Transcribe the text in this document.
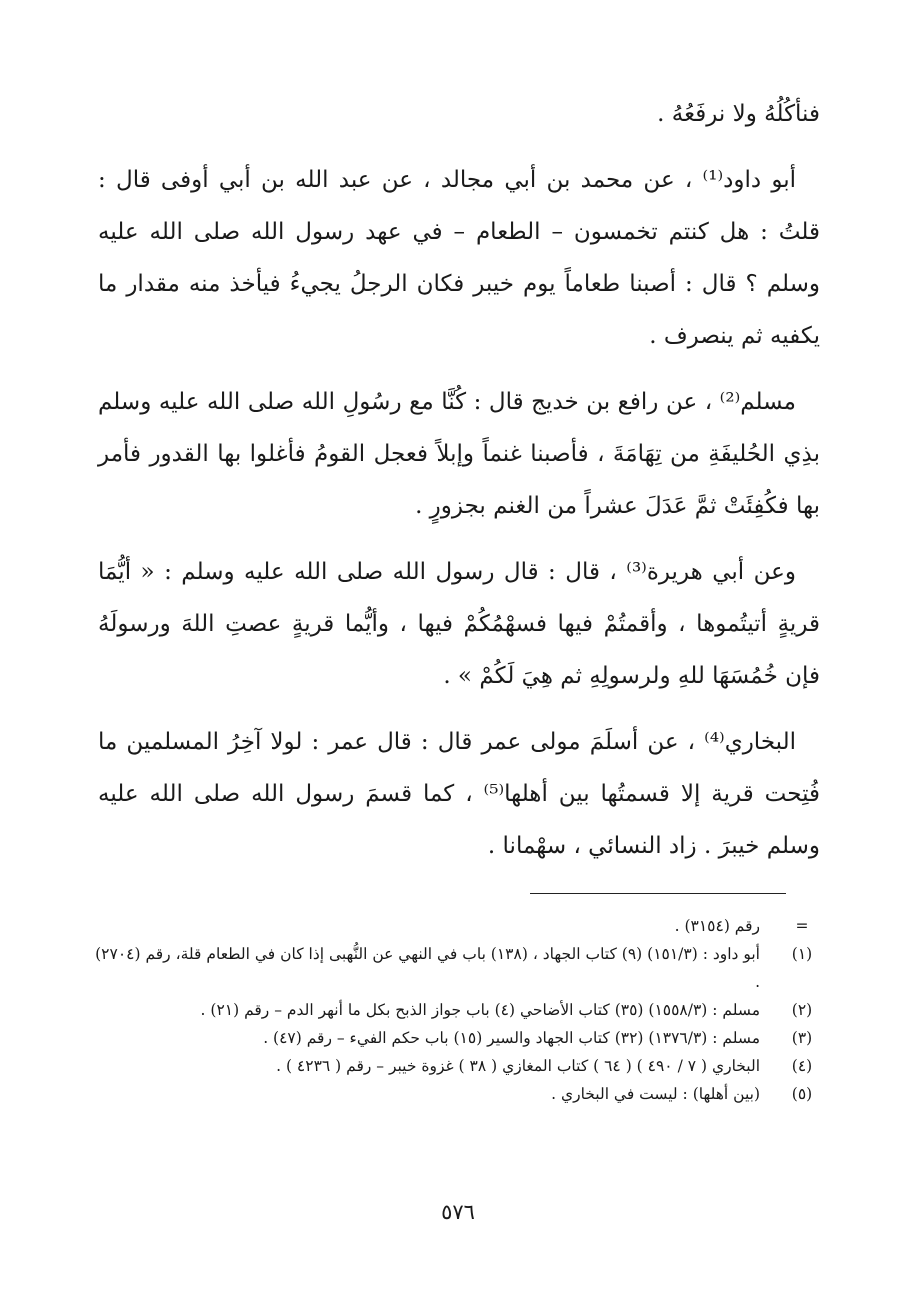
فنأكُلُهُ ولا نرفَعُهُ .

أبو داود⁽¹⁾ ، عن محمد بن أبي مجالد ، عن عبد الله بن أبي أوفى قال : قلتُ : هل كنتم تخمسون – الطعام – في عهد رسول الله صلى الله عليه وسلم ؟ قال : أصبنا طعاماً يوم خيبر فكان الرجلُ يجيءُ فيأخذ منه مقدار ما يكفيه ثم ينصرف .

مسلم⁽²⁾ ، عن رافع بن خديج قال : كُنَّا مع رسُولِ الله صلى الله عليه وسلم بذِي الحُليفَةِ من تِهَامَةَ ، فأصبنا غنماً وإبلاً فعجل القومُ فأغلوا بها القدور فأمر بها فكُفِئَتْ ثمَّ عَدَلَ عشراً من الغنم بجزورٍ .

وعن أبي هريرة⁽³⁾ ، قال : قال رسول الله صلى الله عليه وسلم : « أيُّمَا قريةٍ أتيتُموها ، وأقمتُمْ فيها فسهْمُكُمْ فيها ، وأيُّما قريةٍ عصتِ اللهَ ورسولَهُ فإن خُمُسَهَا للهِ ولرسولِهِ ثم هِيَ لَكُمْ » .

البخاري⁽⁴⁾ ، عن أسلَمَ مولى عمر قال : قال عمر : لولا آخِرُ المسلمين ما فُتِحت قرية إلا قسمتُها بين أهلها⁽⁵⁾ ، كما قسمَ رسول الله صلى الله عليه وسلم خيبرَ . زاد النسائي ، سهْمانا .

=
رقم (٣١٥٤) .

(١)
أبو داود : (١٥١/٣) (٩) كتاب الجهاد ، (١٣٨) باب في النهي عن النُّهبى إذا كان في الطعام قلة، رقم (٢٧٠٤) .

(٢)
مسلم : (١٥٥٨/٣) (٣٥) كتاب الأضاحي (٤) باب جواز الذبح بكل ما أنهر الدم – رقم (٢١) .

(٣)
مسلم : (١٣٧٦/٣) (٣٢) كتاب الجهاد والسير (١٥) باب حكم الفيء – رقم (٤٧) .

(٤)
البخاري ( ٧ / ٤٩٠ ) ( ٦٤ ) كتاب المغازي ( ٣٨ ) غزوة خيبر – رقم ( ٤٢٣٦ ) .

(٥)
(بين أهلها) : ليست في البخاري .

٥٧٦
